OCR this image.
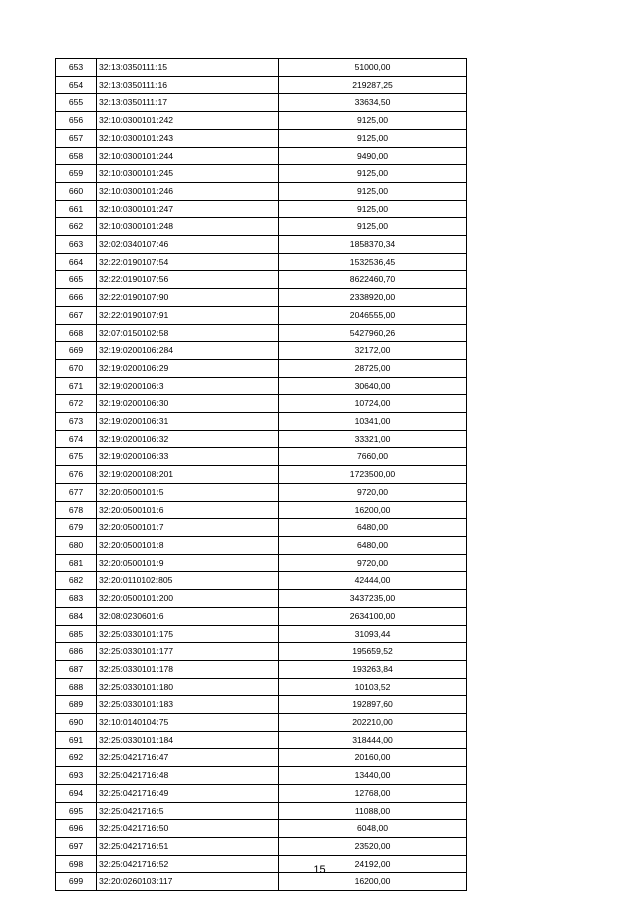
653	32:13:0350111:15	51000,00
654	32:13:0350111:16	219287,25
655	32:13:0350111:17	33634,50
656	32:10:0300101:242	9125,00
657	32:10:0300101:243	9125,00
658	32:10:0300101:244	9490,00
659	32:10:0300101:245	9125,00
660	32:10:0300101:246	9125,00
661	32:10:0300101:247	9125,00
662	32:10:0300101:248	9125,00
663	32:02:0340107:46	1858370,34
664	32:22:0190107:54	1532536,45
665	32:22:0190107:56	8622460,70
666	32:22:0190107:90	2338920,00
667	32:22:0190107:91	2046555,00
668	32:07:0150102:58	5427960,26
669	32:19:0200106:284	32172,00
670	32:19:0200106:29	28725,00
671	32:19:0200106:3	30640,00
672	32:19:0200106:30	10724,00
673	32:19:0200106:31	10341,00
674	32:19:0200106:32	33321,00
675	32:19:0200106:33	7660,00
676	32:19:0200108:201	1723500,00
677	32:20:0500101:5	9720,00
678	32:20:0500101:6	16200,00
679	32:20:0500101:7	6480,00
680	32:20:0500101:8	6480,00
681	32:20:0500101:9	9720,00
682	32:20:0110102:805	42444,00
683	32:20:0500101:200	3437235,00
684	32:08:0230601:6	2634100,00
685	32:25:0330101:175	31093,44
686	32:25:0330101:177	195659,52
687	32:25:0330101:178	193263,84
688	32:25:0330101:180	10103,52
689	32:25:0330101:183	192897,60
690	32:10:0140104:75	202210,00
691	32:25:0330101:184	318444,00
692	32:25:0421716:47	20160,00
693	32:25:0421716:48	13440,00
694	32:25:0421716:49	12768,00
695	32:25:0421716:5	11088,00
696	32:25:0421716:50	6048,00
697	32:25:0421716:51	23520,00
698	32:25:0421716:52	24192,00
699	32:20:0260103:117	16200,00
15
